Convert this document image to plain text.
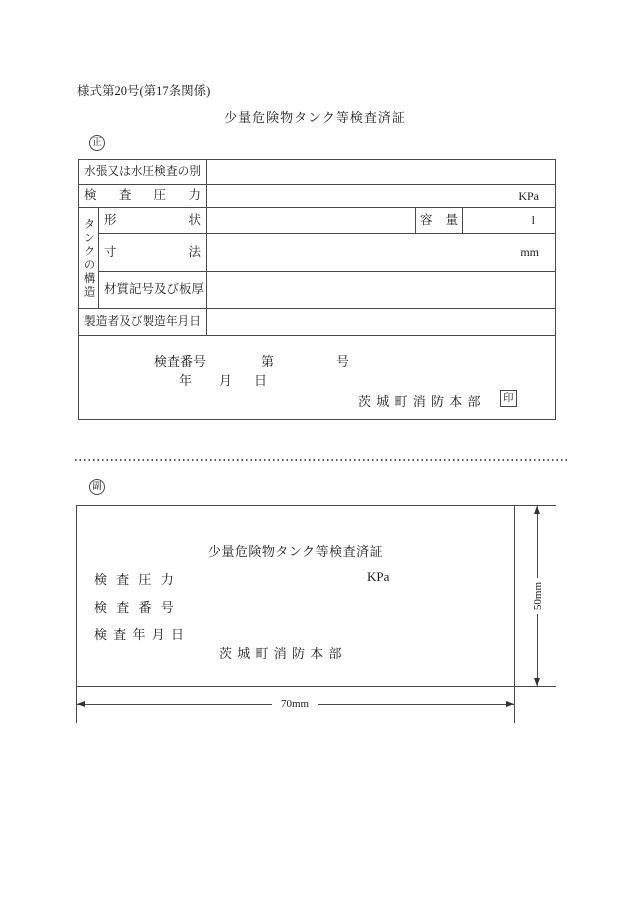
様式第20号(第17条関係)
少量危険物タンク等検査済証
正
水張又は水圧検査の別
検 査 圧 力	KPa
タンクの構造 形 状	容 量	l
寸 法	mm
材質記号及び板厚
製造者及び製造年月日
検査番号	第	号
年 月 日
茨 城 町 消 防 本 部 印
副
少量危険物タンク等検査済証
検 査 圧 力	KPa
検 査 番 号
検 査 年 月 日
茨 城 町 消 防 本 部
50mm
70mm
